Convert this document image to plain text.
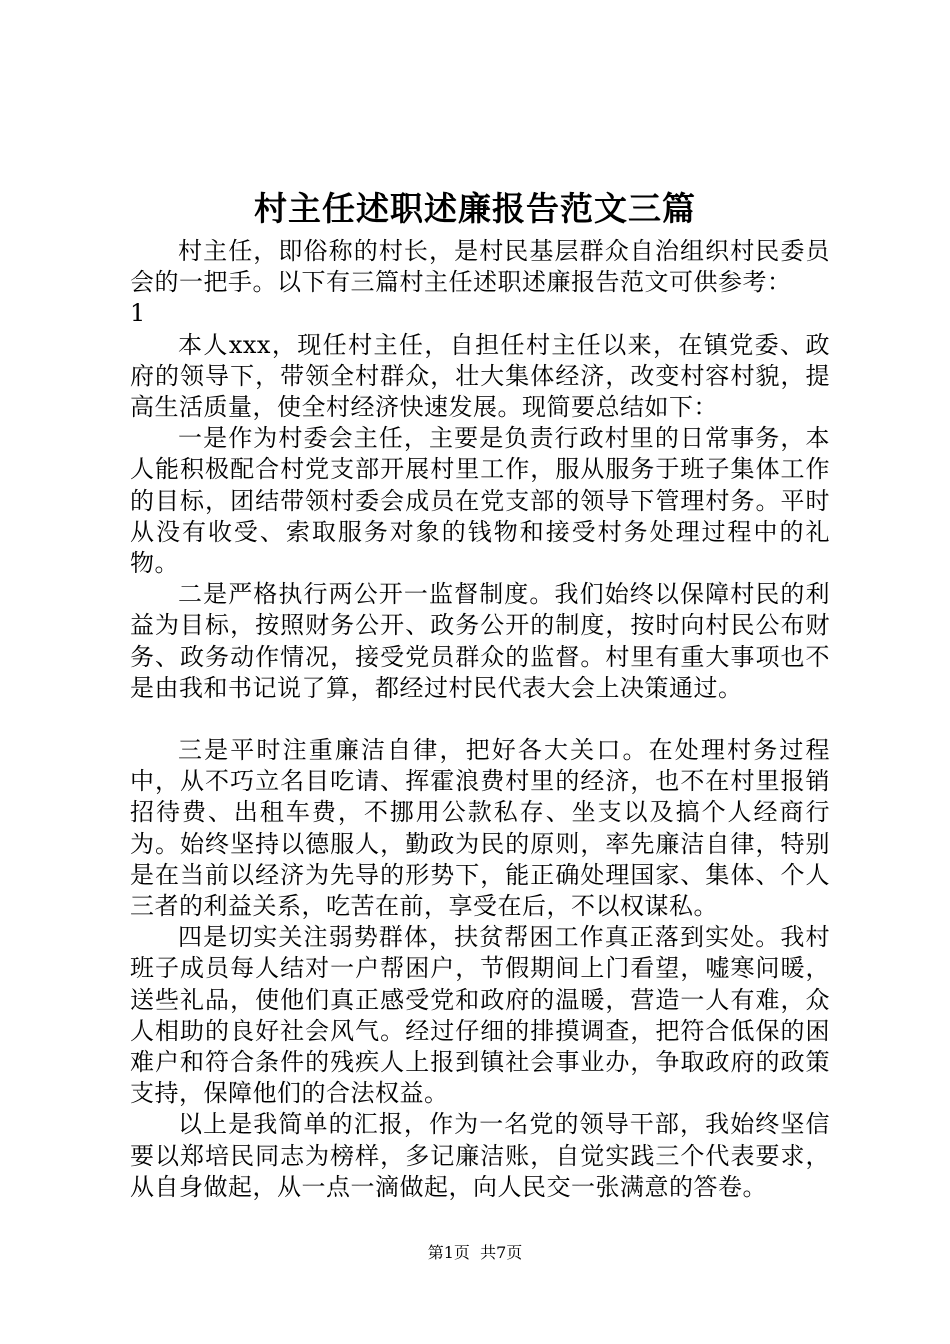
村主任述职述廉报告范文三篇

村主任，即俗称的村长，是村民基层群众自治组织村民委员会的一把手。以下有三篇村主任述职述廉报告范文可供参考：

1

本人xxx，现任村主任，自担任村主任以来，在镇党委、政府的领导下，带领全村群众，壮大集体经济，改变村容村貌，提高生活质量，使全村经济快速发展。现简要总结如下：

一是作为村委会主任，主要是负责行政村里的日常事务，本人能积极配合村党支部开展村里工作，服从服务于班子集体工作的目标，团结带领村委会成员在党支部的领导下管理村务。平时从没有收受、索取服务对象的钱物和接受村务处理过程中的礼物。

二是严格执行两公开一监督制度。我们始终以保障村民的利益为目标，按照财务公开、政务公开的制度，按时向村民公布财务、政务动作情况，接受党员群众的监督。村里有重大事项也不是由我和书记说了算，都经过村民代表大会上决策通过。

三是平时注重廉洁自律，把好各大关口。在处理村务过程中，从不巧立名目吃请、挥霍浪费村里的经济，也不在村里报销招待费、出租车费，不挪用公款私存、坐支以及搞个人经商行为。始终坚持以德服人，勤政为民的原则，率先廉洁自律，特别是在当前以经济为先导的形势下，能正确处理国家、集体、个人三者的利益关系，吃苦在前，享受在后，不以权谋私。

四是切实关注弱势群体，扶贫帮困工作真正落到实处。我村班子成员每人结对一户帮困户，节假期间上门看望，嘘寒问暖，送些礼品，使他们真正感受党和政府的温暖，营造一人有难，众人相助的良好社会风气。经过仔细的排摸调查，把符合低保的困难户和符合条件的残疾人上报到镇社会事业办，争取政府的政策支持，保障他们的合法权益。

以上是我简单的汇报，作为一名党的领导干部，我始终坚信要以郑培民同志为榜样，多记廉洁账，自觉实践三个代表要求，从自身做起，从一点一滴做起，向人民交一张满意的答卷。

第1页  共7页
